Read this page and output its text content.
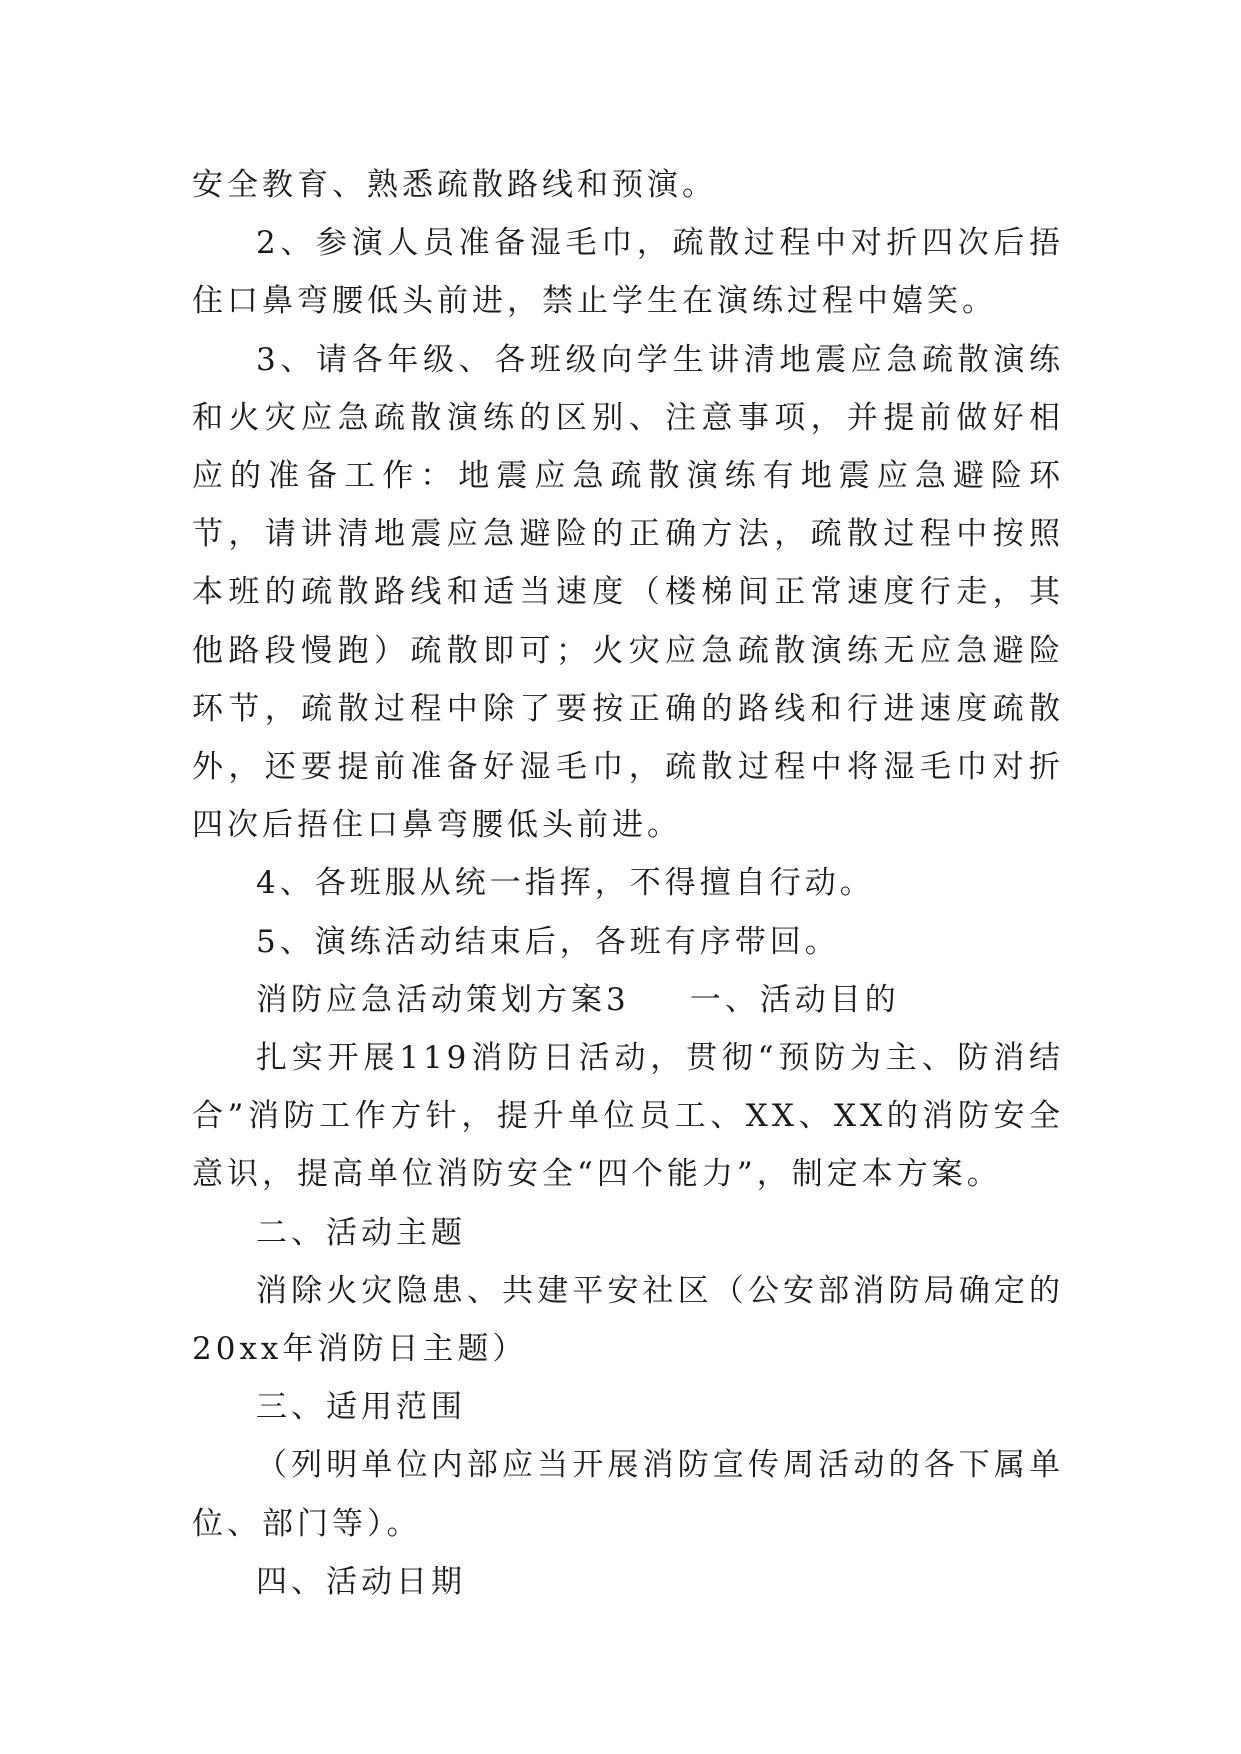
安全教育、熟悉疏散路线和预演。

2、参演人员准备湿毛巾，疏散过程中对折四次后捂住口鼻弯腰低头前进，禁止学生在演练过程中嬉笑。

3、请各年级、各班级向学生讲清地震应急疏散演练和火灾应急疏散演练的区别、注意事项，并提前做好相应的准备工作：地震应急疏散演练有地震应急避险环节，请讲清地震应急避险的正确方法，疏散过程中按照本班的疏散路线和适当速度（楼梯间正常速度行走，其他路段慢跑）疏散即可；火灾应急疏散演练无应急避险环节，疏散过程中除了要按正确的路线和行进速度疏散外，还要提前准备好湿毛巾，疏散过程中将湿毛巾对折四次后捂住口鼻弯腰低头前进。

4、各班服从统一指挥，不得擅自行动。

5、演练活动结束后，各班有序带回。

消防应急活动策划方案3 一、活动目的

扎实开展119消防日活动，贯彻“预防为主、防消结合”消防工作方针，提升单位员工、XX、XX的消防安全意识，提高单位消防安全“四个能力”，制定本方案。

二、活动主题

消除火灾隐患、共建平安社区（公安部消防局确定的20xx年消防日主题）

三、适用范围

（列明单位内部应当开展消防宣传周活动的各下属单位、部门等）。

四、活动日期
